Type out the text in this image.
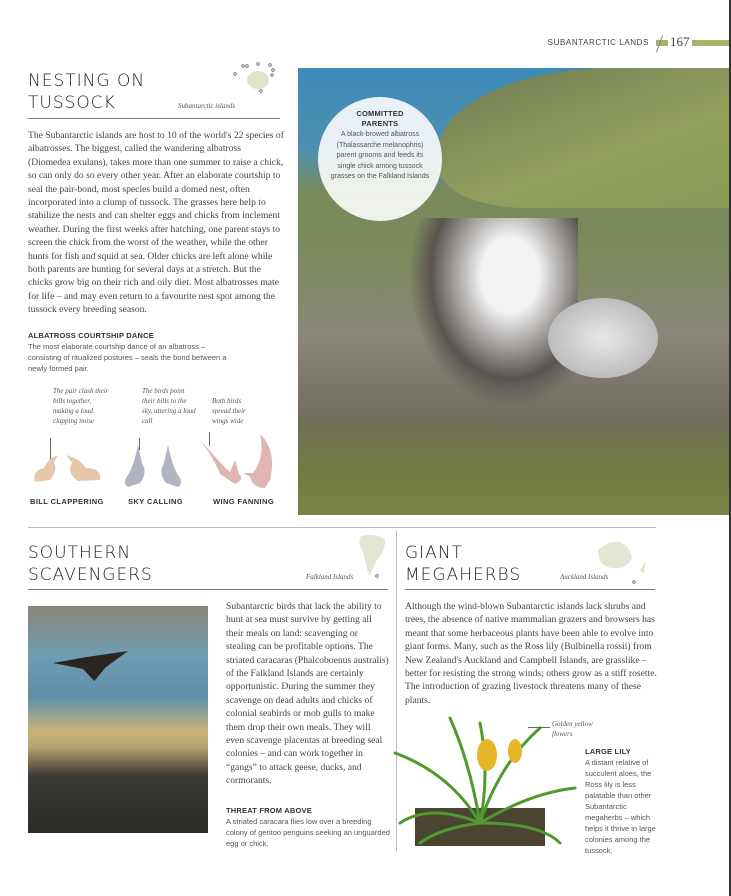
SUBANTARCTIC LANDS 167
NESTING ON
TUSSOCK	Subantarctic islands
The Subantarctic islands are host to 10 of the world's 22 species of albatrosses. The biggest, called the wandering albatross (Diomedea exulans), takes more than one summer to raise a chick, so can only do so every other year. After an elaborate courtship to seal the pair-bond, most species build a domed nest, often incorporated into a clump of tussock. The grasses here help to stabilize the nests and can shelter eggs and chicks from inclement weather. During the first weeks after hatching, one parent stays to screen the chick from the worst of the weather, while the other hunts for fish and squid at sea. Older chicks are left alone while both parents are hunting for several days at a stretch. But the chicks grow big on their rich and oily diet. Most albatrosses mate for life – and may even return to a favourite nest spot among the tussock every breeding season.
ALBATROSS COURTSHIP DANCE
The most elaborate courtship dance of an albatross – consisting of ritualized postures – seals the bond between a newly formed pair.
The pair clash their bills together, making a loud clapping noise
BILL CLAPPERING
The birds point their bills to the sky, uttering a loud call
SKY CALLING
Both birds spread their wings wide
WING FANNING
COMMITTED
PARENTS
A black-browed albatross (Thalassarche melanophris) parent grooms and feeds its single chick among tussock grasses on the Falkland Islands
SOUTHERN
SCAVENGERS	Falkland Islands
Subantarctic birds that lack the ability to hunt at sea must survive by getting all their meals on land: scavenging or stealing can be profitable options. The striated caracaras (Phalcoboenus australis) of the Falkland Islands are certainly opportunistic. During the summer they scavenge on dead adults and chicks of colonial seabirds or mob gulls to make them drop their own meals. They will even scavenge placentas at breeding seal colonies – and can work together in “gangs” to attack geese, ducks, and cormorants.
THREAT FROM ABOVE
A striated caracara flies low over a breeding colony of gentoo penguins seeking an unguarded egg or chick.
GIANT
MEGAHERBS	Auckland Islands
Although the wind-blown Subantarctic islands lack shrubs and trees, the absence of native mammalian grazers and browsers has meant that some herbaceous plants have been able to evolve into giant forms. Many, such as the Ross lily (Bulbinella rossii) from New Zealand's Auckland and Campbell Islands, are grasslike – better for resisting the strong winds; others grow as a stiff rosette. The introduction of grazing livestock threatens many of these plants.
Golden yellow flowers
LARGE LILY
A distant relative of succulent aloes, the Ross lily is less palatable than other Subantarctic megaherbs – which helps it thrive in large colonies among the tussock.
